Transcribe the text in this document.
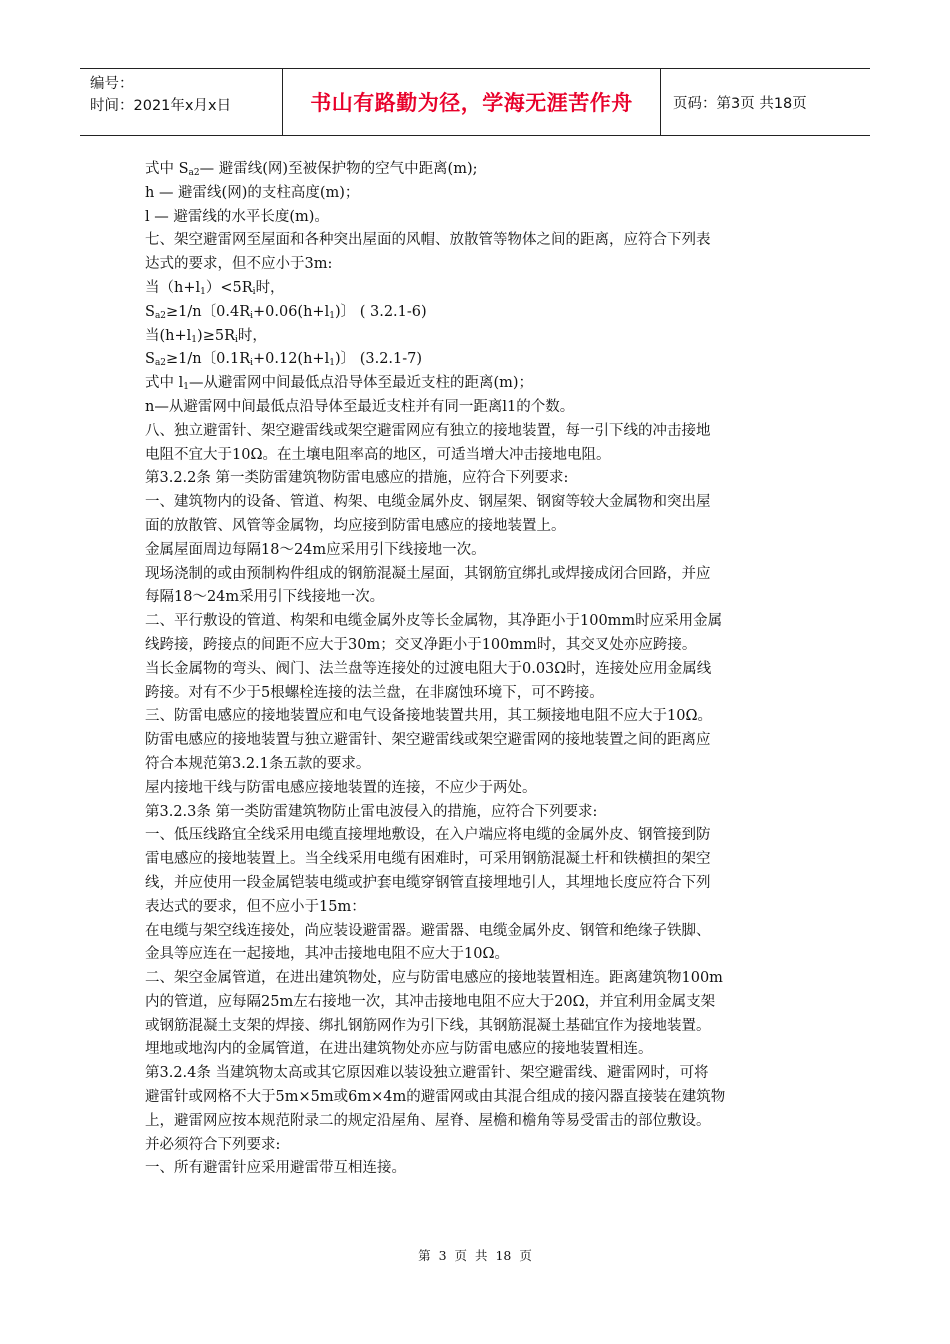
编号：
时间：2021年x月x日	书山有路勤为径，学海无涯苦作舟	页码：第3页 共18页
式中 $S_{a2}—$ 避雷线(网)至被保护物的空气中距离(m);
h — 避雷线(网)的支柱高度(m)；
l — 避雷线的水平长度(m)。
七、架空避雷网至屋面和各种突出屋面的风帽、放散管等物体之间的距离，应符合下列表
达式的要求，但不应小于3m:
当$(h+l_1)<5R_i$时，
$S_{a2}\ge 1/n$〔$0.4R_i+0.06(h+l_1)$〕 ( 3.2.1-6)
当$(h+l_1)\ge 5R_i$时，
$S_{a2}\ge 1/n$〔$0.1R_i+0.12(h+l_1)$〕 (3.2.1-7)
式中 $l_1—$从避雷网中间最低点沿导体至最近支柱的距离(m)；
n—从避雷网中间最低点沿导体至最近支柱并有同一距离l1的个数。
八、独立避雷针、架空避雷线或架空避雷网应有独立的接地装置，每一引下线的冲击接地
电阻不宜大于10Ω。在土壤电阻率高的地区，可适当增大冲击接地电阻。
第3.2.2条 第一类防雷建筑物防雷电感应的措施，应符合下列要求:
一、建筑物内的设备、管道、构架、电缆金属外皮、钢屋架、钢窗等较大金属物和突出屋
面的放散管、风管等金属物，均应接到防雷电感应的接地装置上。
金属屋面周边每隔18～24m应采用引下线接地一次。
现场浇制的或由预制构件组成的钢筋混凝土屋面，其钢筋宜绑扎或焊接成闭合回路，并应
每隔18～24m采用引下线接地一次。
二、平行敷设的管道、构架和电缆金属外皮等长金属物，其净距小于100mm时应采用金属
线跨接，跨接点的间距不应大于30m；交叉净距小于100mm时，其交叉处亦应跨接。
当长金属物的弯头、阀门、法兰盘等连接处的过渡电阻大于0.03Ω时，连接处应用金属线
跨接。对有不少于5根螺栓连接的法兰盘，在非腐蚀环境下，可不跨接。
三、防雷电感应的接地装置应和电气设备接地装置共用，其工频接地电阻不应大于10Ω。
防雷电感应的接地装置与独立避雷针、架空避雷线或架空避雷网的接地装置之间的距离应
符合本规范第3.2.1条五款的要求。
屋内接地干线与防雷电感应接地装置的连接，不应少于两处。
第3.2.3条 第一类防雷建筑物防止雷电波侵入的措施，应符合下列要求:
一、低压线路宜全线采用电缆直接埋地敷设，在入户端应将电缆的金属外皮、钢管接到防
雷电感应的接地装置上。当全线采用电缆有困难时，可采用钢筋混凝土杆和铁横担的架空
线，并应使用一段金属铠装电缆或护套电缆穿钢管直接埋地引人，其埋地长度应符合下列
表达式的要求，但不应小于15m：
在电缆与架空线连接处，尚应装设避雷器。避雷器、电缆金属外皮、钢管和绝缘子铁脚、
金具等应连在一起接地，其冲击接地电阻不应大于10Ω。
二、架空金属管道，在进出建筑物处，应与防雷电感应的接地装置相连。距离建筑物100m
内的管道，应每隔25m左右接地一次，其冲击接地电阻不应大于20Ω，并宜利用金属支架
或钢筋混凝土支架的焊接、绑扎钢筋网作为引下线，其钢筋混凝土基础宜作为接地装置。
埋地或地沟内的金属管道，在进出建筑物处亦应与防雷电感应的接地装置相连。
第3.2.4条 当建筑物太高或其它原因难以装设独立避雷针、架空避雷线、避雷网时，可将
避雷针或网格不大于5m×5m或6m×4m的避雷网或由其混合组成的接闪器直接装在建筑物
上，避雷网应按本规范附录二的规定沿屋角、屋脊、屋檐和檐角等易受雷击的部位敷设。
并必须符合下列要求:
一、所有避雷针应采用避雷带互相连接。
第 3 页 共 18 页
